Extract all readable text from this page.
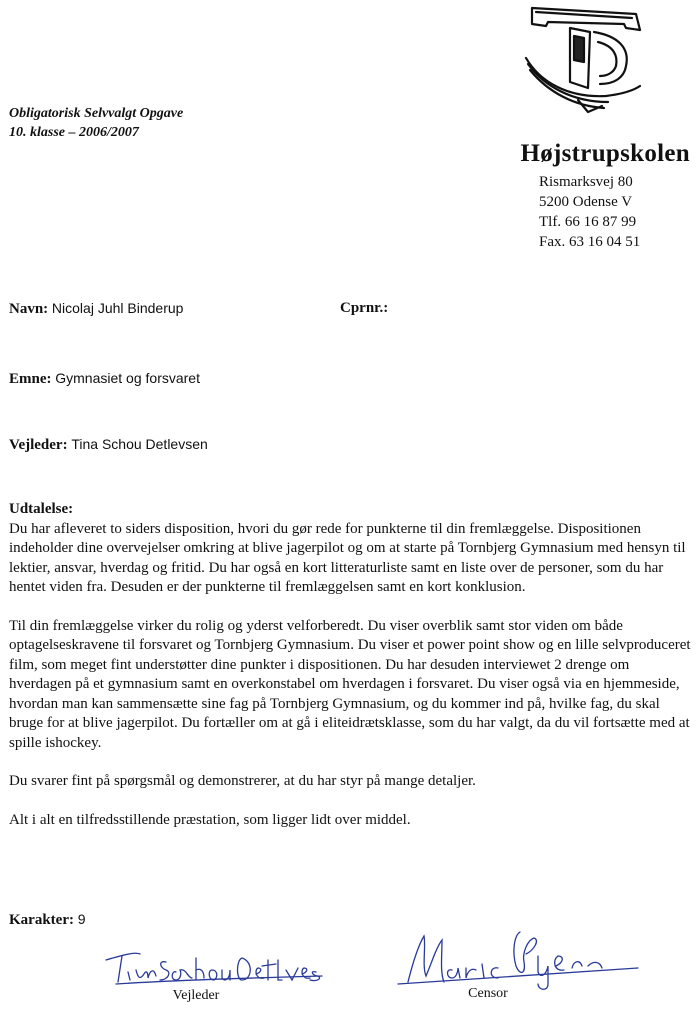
Obligatorisk Selvvalgt Opgave
10. klasse – 2006/2007
Højstrupskolen
Rismarksvej 80
5200 Odense V
Tlf. 66 16 87 99
Fax. 63 16 04 51
Navn: Nicolaj Juhl Binderup	Cprnr.:
Emne: Gymnasiet og forsvaret
Vejleder: Tina Schou Detlevsen
Udtalelse:

Du har afleveret to siders disposition, hvori du gør rede for punkterne til din fremlæggelse. Dispositionen indeholder dine overvejelser omkring at blive jagerpilot og om at starte på Tornbjerg Gymnasium med hensyn til lektier, ansvar, hverdag og fritid. Du har også en kort litteraturliste samt en liste over de personer, som du har hentet viden fra. Desuden er der punkterne til fremlæggelsen samt en kort konklusion.

Til din fremlæggelse virker du rolig og yderst velforberedt. Du viser overblik samt stor viden om både optagelseskravene til forsvaret og Tornbjerg Gymnasium. Du viser et power point show og en lille selvproduceret film, som meget fint understøtter dine punkter i dispositionen. Du har desuden interviewet 2 drenge om hverdagen på et gymnasium samt en overkonstabel om hverdagen i forsvaret. Du viser også via en hjemmeside, hvordan man kan sammensætte sine fag på Tornbjerg Gymnasium, og du kommer ind på, hvilke fag, du skal bruge for at blive jagerpilot. Du fortæller om at gå i eliteidrætsklasse, som du har valgt, da du vil fortsætte med at spille ishockey.

Du svarer fint på spørgsmål og demonstrerer, at du har styr på mange detaljer.

Alt i alt en tilfredsstillende præstation, som ligger lidt over middel.

Karakter: 9
Vejleder	Censor
